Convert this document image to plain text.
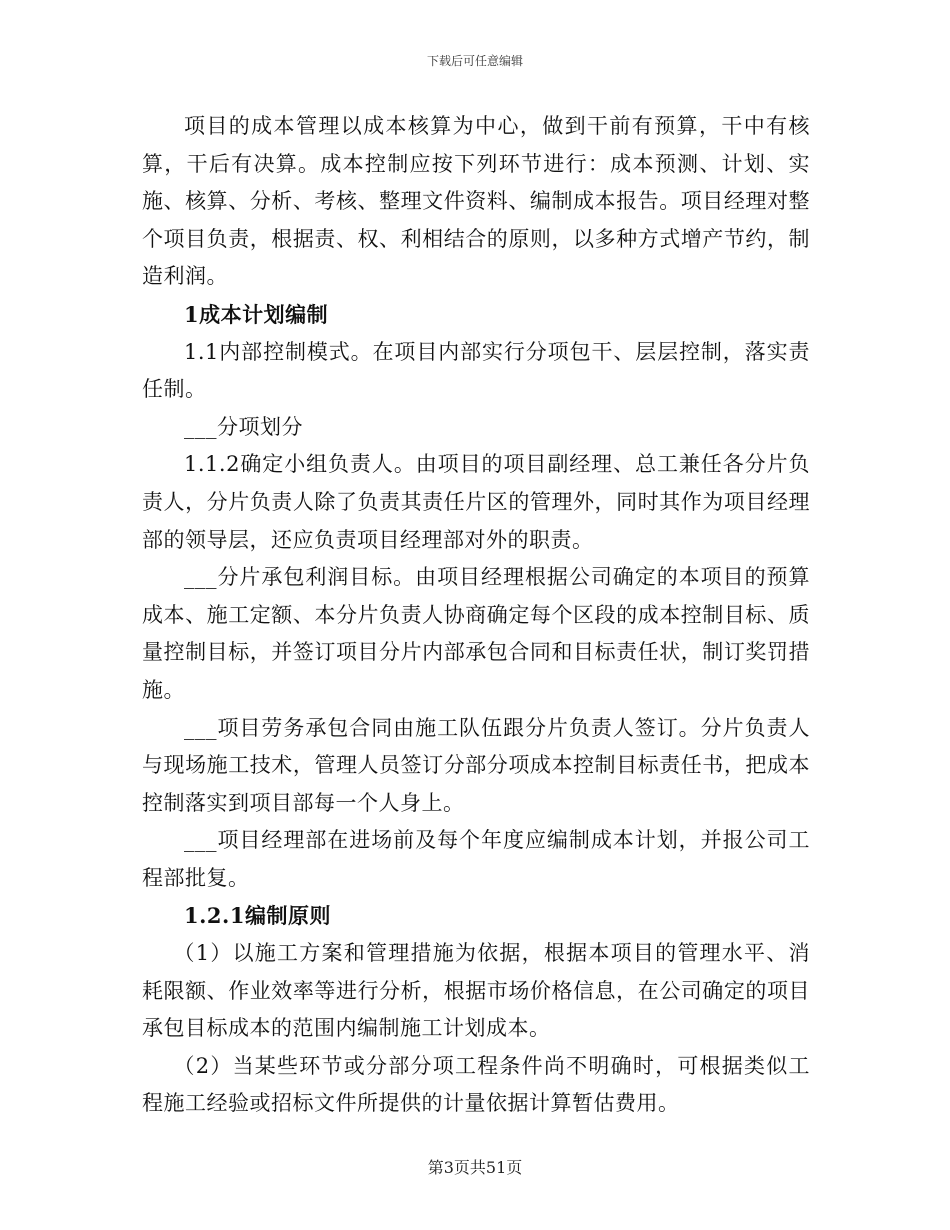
下载后可任意编辑

项目的成本管理以成本核算为中心，做到干前有预算，干中有核算，干后有决算。成本控制应按下列环节进行：成本预测、计划、实施、核算、分析、考核、整理文件资料、编制成本报告。项目经理对整个项目负责，根据责、权、利相结合的原则，以多种方式增产节约，制造利润。

1成本计划编制

1.1内部控制模式。在项目内部实行分项包干、层层控制，落实责任制。

___分项划分

1.1.2确定小组负责人。由项目的项目副经理、总工兼任各分片负责人，分片负责人除了负责其责任片区的管理外，同时其作为项目经理部的领导层，还应负责项目经理部对外的职责。

___分片承包利润目标。由项目经理根据公司确定的本项目的预算成本、施工定额、本分片负责人协商确定每个区段的成本控制目标、质量控制目标，并签订项目分片内部承包合同和目标责任状，制订奖罚措施。

___项目劳务承包合同由施工队伍跟分片负责人签订。分片负责人与现场施工技术，管理人员签订分部分项成本控制目标责任书，把成本控制落实到项目部每一个人身上。

___项目经理部在进场前及每个年度应编制成本计划，并报公司工程部批复。

1.2.1编制原则

（1）以施工方案和管理措施为依据，根据本项目的管理水平、消耗限额、作业效率等进行分析，根据市场价格信息，在公司确定的项目承包目标成本的范围内编制施工计划成本。

（2）当某些环节或分部分项工程条件尚不明确时，可根据类似工程施工经验或招标文件所提供的计量依据计算暂估费用。

第3页共51页
